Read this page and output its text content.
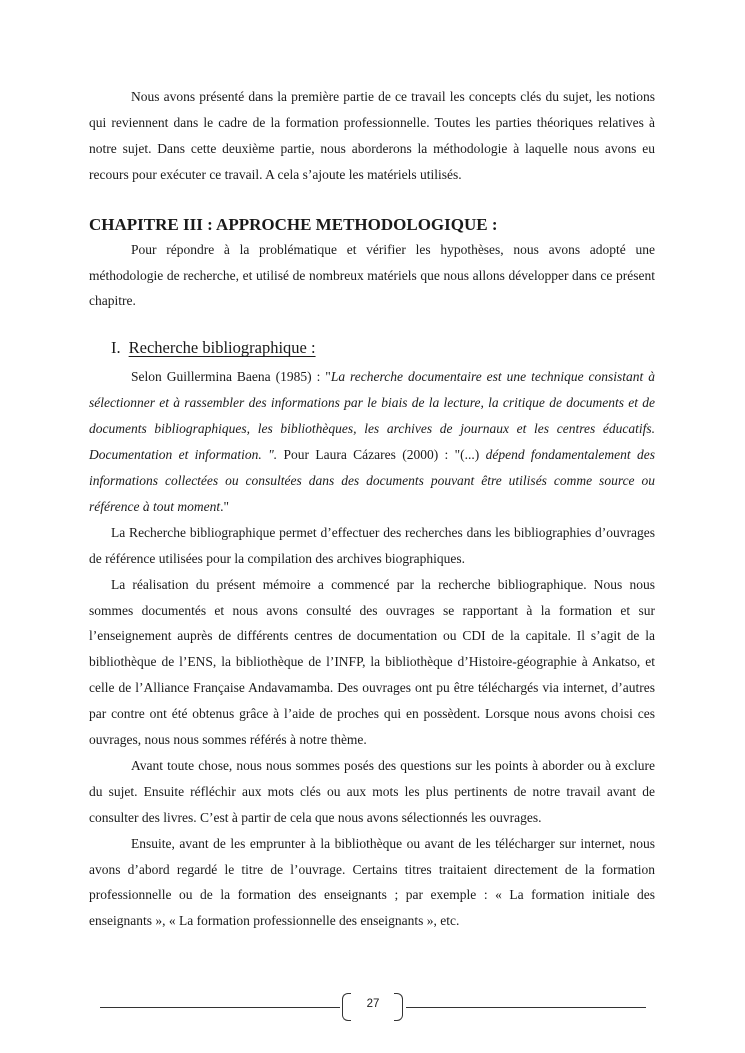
Nous avons présenté dans la première partie de ce travail les concepts clés du sujet, les notions qui reviennent dans le cadre de la formation professionnelle. Toutes les parties théoriques relatives à notre sujet. Dans cette deuxième partie, nous aborderons la méthodologie à laquelle nous avons eu recours pour exécuter ce travail. A cela s’ajoute les matériels utilisés.

CHAPITRE III : APPROCHE METHODOLOGIQUE :

Pour répondre à la problématique et vérifier les hypothèses, nous avons adopté une méthodologie de recherche, et utilisé de nombreux matériels que nous allons développer dans ce présent chapitre.

I. Recherche bibliographique :

Selon Guillermina Baena (1985) : "La recherche documentaire est une technique consistant à sélectionner et à rassembler des informations par le biais de la lecture, la critique de documents et de documents bibliographiques, les bibliothèques, les archives de journaux et les centres éducatifs. Documentation et information. ". Pour Laura Cázares (2000) : "(...) dépend fondamentalement des informations collectées ou consultées dans des documents pouvant être utilisés comme source ou référence à tout moment."

La Recherche bibliographique permet d’effectuer des recherches dans les bibliographies d’ouvrages de référence utilisées pour la compilation des archives biographiques.

La réalisation du présent mémoire a commencé par la recherche bibliographique. Nous nous sommes documentés et nous avons consulté des ouvrages se rapportant à la formation et sur l’enseignement auprès de différents centres de documentation ou CDI de la capitale. Il s’agit de la bibliothèque de l’ENS, la bibliothèque de l’INFP, la bibliothèque d’Histoire-géographie à Ankatso, et celle de l’Alliance Française Andavamamba. Des ouvrages ont pu être téléchargés via internet, d’autres par contre ont été obtenus grâce à l’aide de proches qui en possèdent. Lorsque nous avons choisi ces ouvrages, nous nous sommes référés à notre thème.

Avant toute chose, nous nous sommes posés des questions sur les points à aborder ou à exclure du sujet. Ensuite réfléchir aux mots clés ou aux mots les plus pertinents de notre travail avant de consulter des livres. C’est à partir de cela que nous avons sélectionnés les ouvrages.

Ensuite, avant de les emprunter à la bibliothèque ou avant de les télécharger sur internet, nous avons d’abord regardé le titre de l’ouvrage. Certains titres traitaient directement de la formation professionnelle ou de la formation des enseignants ; par exemple : « La formation initiale des enseignants », « La formation professionnelle des enseignants », etc.

27
